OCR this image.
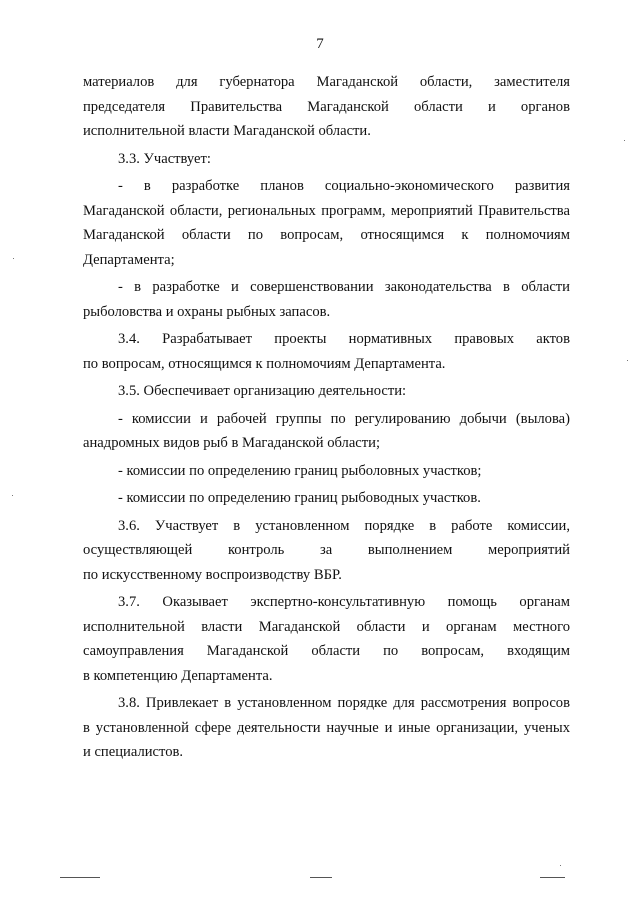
7
материалов для губернатора Магаданской области, заместителя
председателя Правительства Магаданской области и органов
исполнительной власти Магаданской области.
3.3. Участвует:
- в разработке планов социально-экономического развития
Магаданской области, региональных программ, мероприятий Правительства
Магаданской области по вопросам, относящимся к полномочиям
Департамента;
- в разработке и совершенствовании законодательства в области
рыболовства и охраны рыбных запасов.
3.4. Разрабатывает проекты нормативных правовых актов
по вопросам, относящимся к полномочиям Департамента.
3.5. Обеспечивает организацию деятельности:
- комиссии и рабочей группы по регулированию добычи (вылова)
анадромных видов рыб в Магаданской области;
- комиссии по определению границ рыболовных участков;
- комиссии по определению границ рыбоводных участков.
3.6. Участвует в установленном порядке в работе комиссии,
осуществляющей контроль за выполнением мероприятий
по искусственному воспроизводству ВБР.
3.7. Оказывает экспертно-консультативную помощь органам
исполнительной власти Магаданской области и органам местного
самоуправления Магаданской области по вопросам, входящим
в компетенцию Департамента.
3.8. Привлекает в установленном порядке для рассмотрения вопросов
в установленной сфере деятельности научные и иные организации, ученых
и специалистов.
